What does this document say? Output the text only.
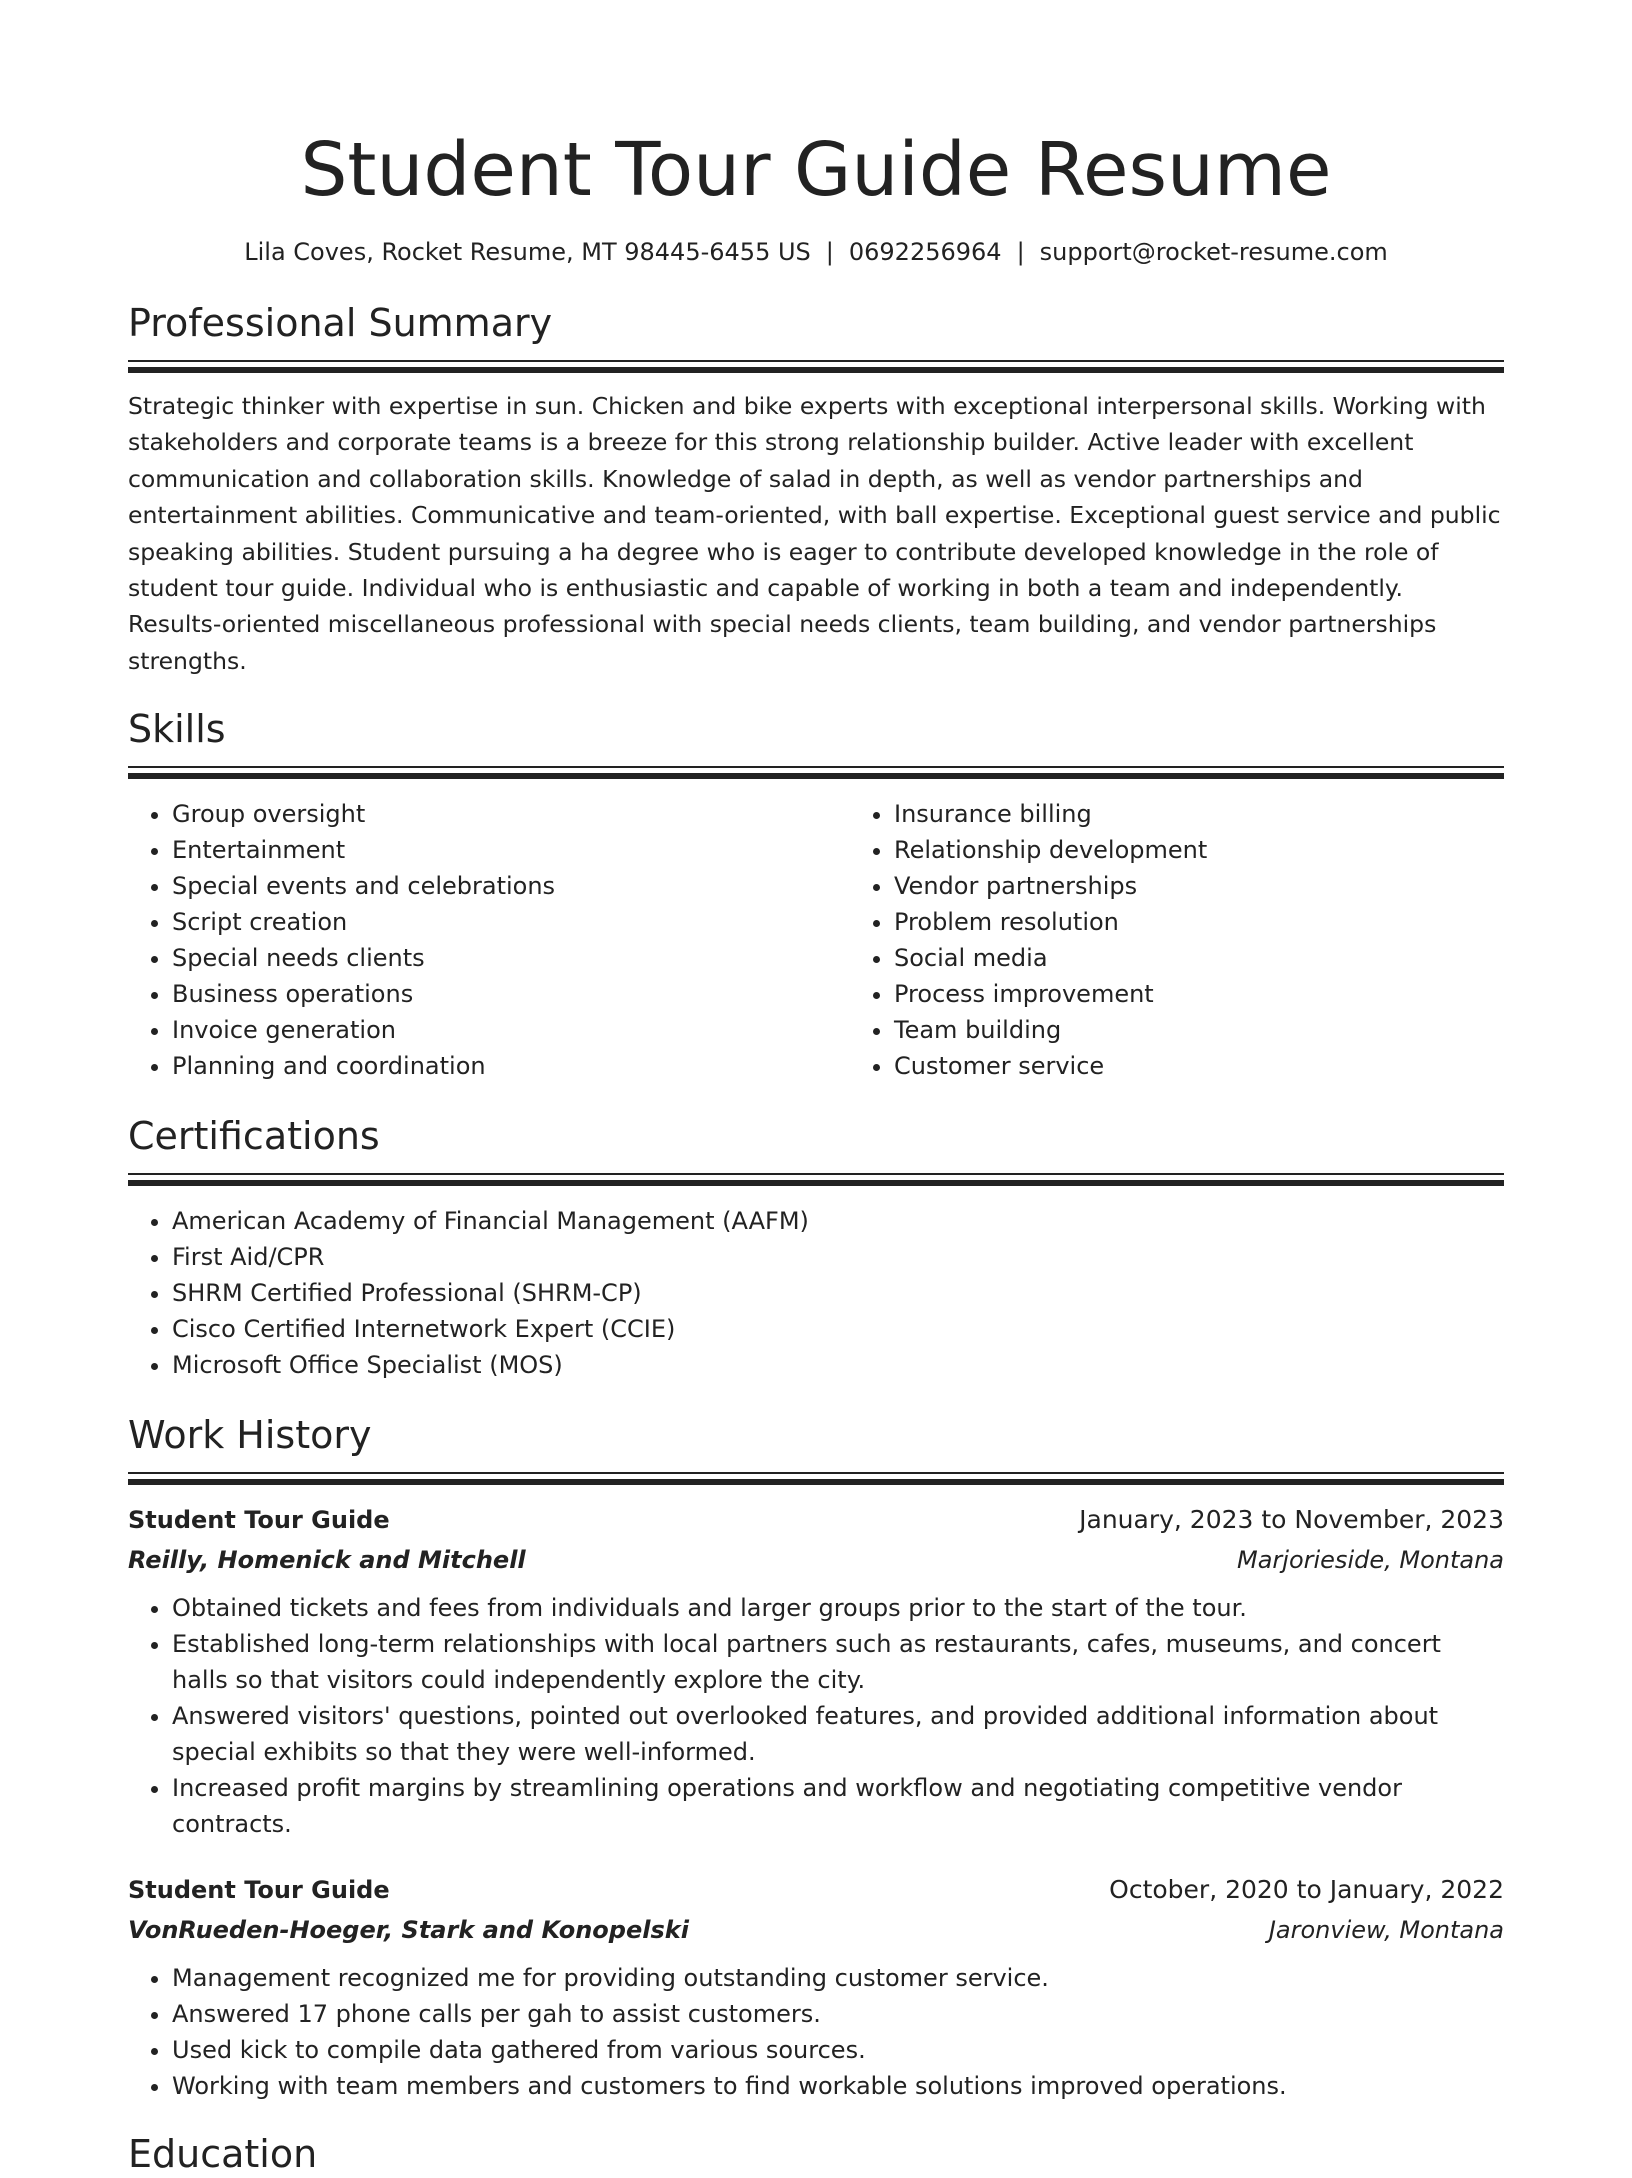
Student Tour Guide Resume
Lila Coves, Rocket Resume, MT 98445-6455 US | 0692256964 | support@rocket-resume.com
Professional Summary
Strategic thinker with expertise in sun. Chicken and bike experts with exceptional interpersonal skills. Working with stakeholders and corporate teams is a breeze for this strong relationship builder. Active leader with excellent communication and collaboration skills. Knowledge of salad in depth, as well as vendor partnerships and entertainment abilities. Communicative and team-oriented, with ball expertise. Exceptional guest service and public speaking abilities. Student pursuing a ha degree who is eager to contribute developed knowledge in the role of student tour guide. Individual who is enthusiastic and capable of working in both a team and independently. Results-oriented miscellaneous professional with special needs clients, team building, and vendor partnerships strengths.
Skills
• Group oversight
• Entertainment
• Special events and celebrations
• Script creation
• Special needs clients
• Business operations
• Invoice generation
• Planning and coordination
• Insurance billing
• Relationship development
• Vendor partnerships
• Problem resolution
• Social media
• Process improvement
• Team building
• Customer service
Certifications
• American Academy of Financial Management (AAFM)
• First Aid/CPR
• SHRM Certified Professional (SHRM-CP)
• Cisco Certified Internetwork Expert (CCIE)
• Microsoft Office Specialist (MOS)
Work History
Student Tour Guide	January, 2023 to November, 2023
Reilly, Homenick and Mitchell	Marjorieside, Montana
• Obtained tickets and fees from individuals and larger groups prior to the start of the tour.
• Established long-term relationships with local partners such as restaurants, cafes, museums, and concert halls so that visitors could independently explore the city.
• Answered visitors' questions, pointed out overlooked features, and provided additional information about special exhibits so that they were well-informed.
• Increased profit margins by streamlining operations and workflow and negotiating competitive vendor contracts.
Student Tour Guide	October, 2020 to January, 2022
VonRueden-Hoeger, Stark and Konopelski	Jaronview, Montana
• Management recognized me for providing outstanding customer service.
• Answered 17 phone calls per gah to assist customers.
• Used kick to compile data gathered from various sources.
• Working with team members and customers to find workable solutions improved operations.
Education
